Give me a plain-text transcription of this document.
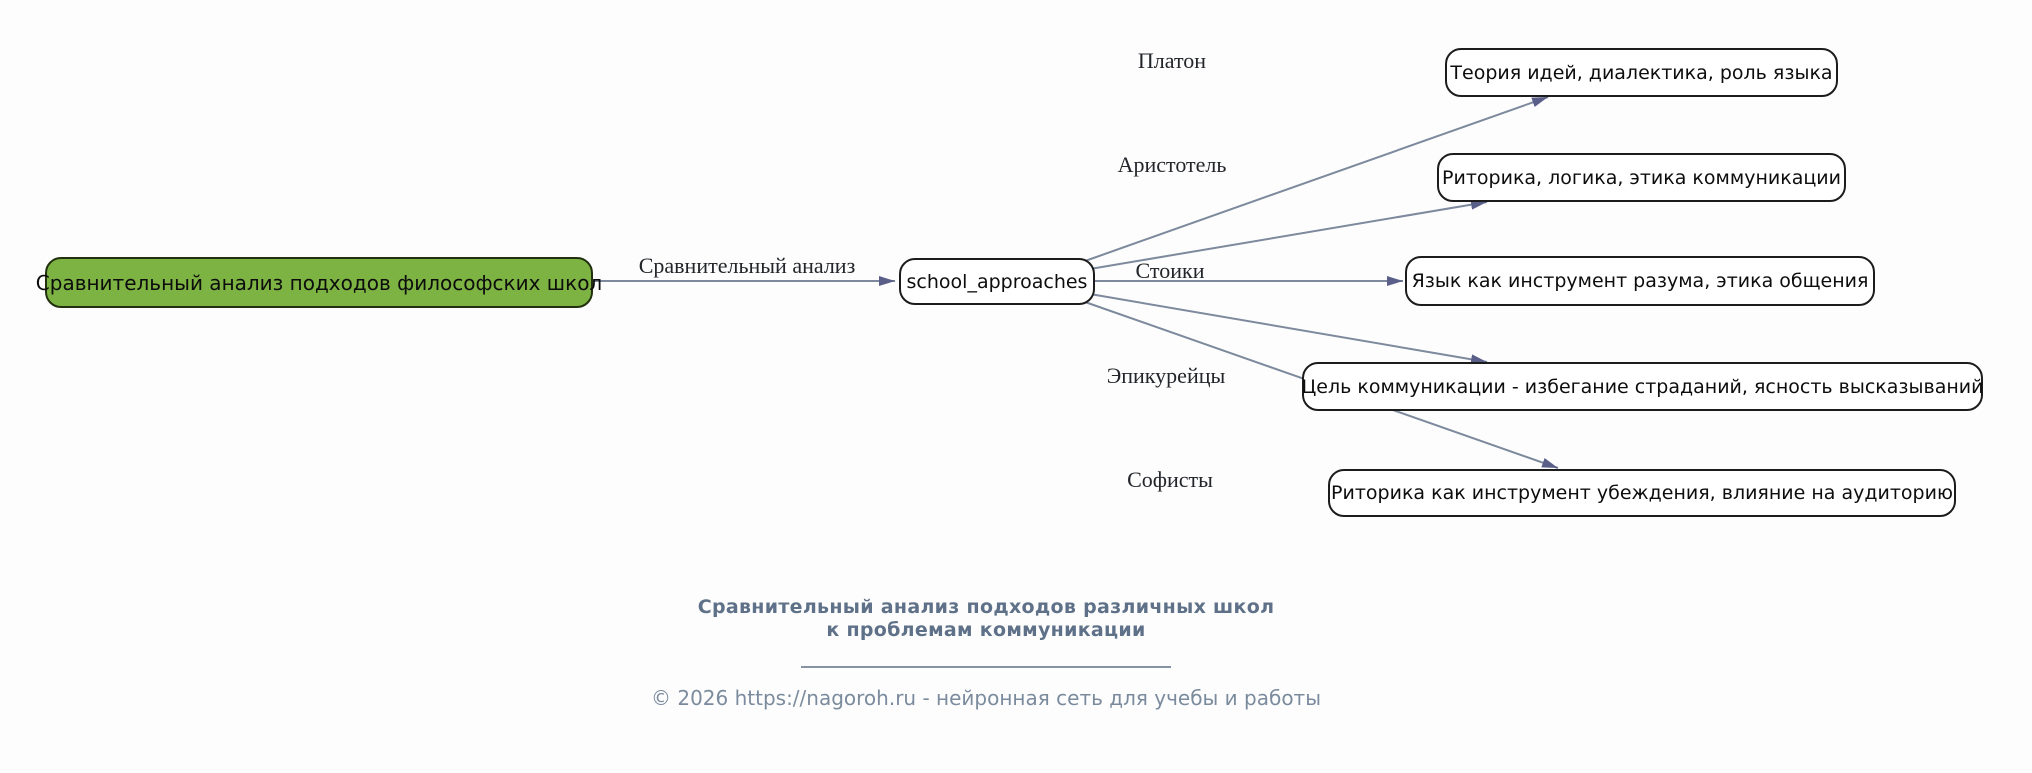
Сравнительный анализ подходов философских школ
Сравнительный анализ
school_approaches
Платон
Аристотель
Стоики
Эпикурейцы
Софисты
Теория идей, диалектика, роль языка
Риторика, логика, этика коммуникации
Язык как инструмент разума, этика общения
Цель коммуникации - избегание страданий, ясность высказываний
Риторика как инструмент убеждения, влияние на аудиторию
Сравнительный анализ подходов различных школ
к проблемам коммуникации
© 2026 https://nagoroh.ru - нейронная сеть для учебы и работы
